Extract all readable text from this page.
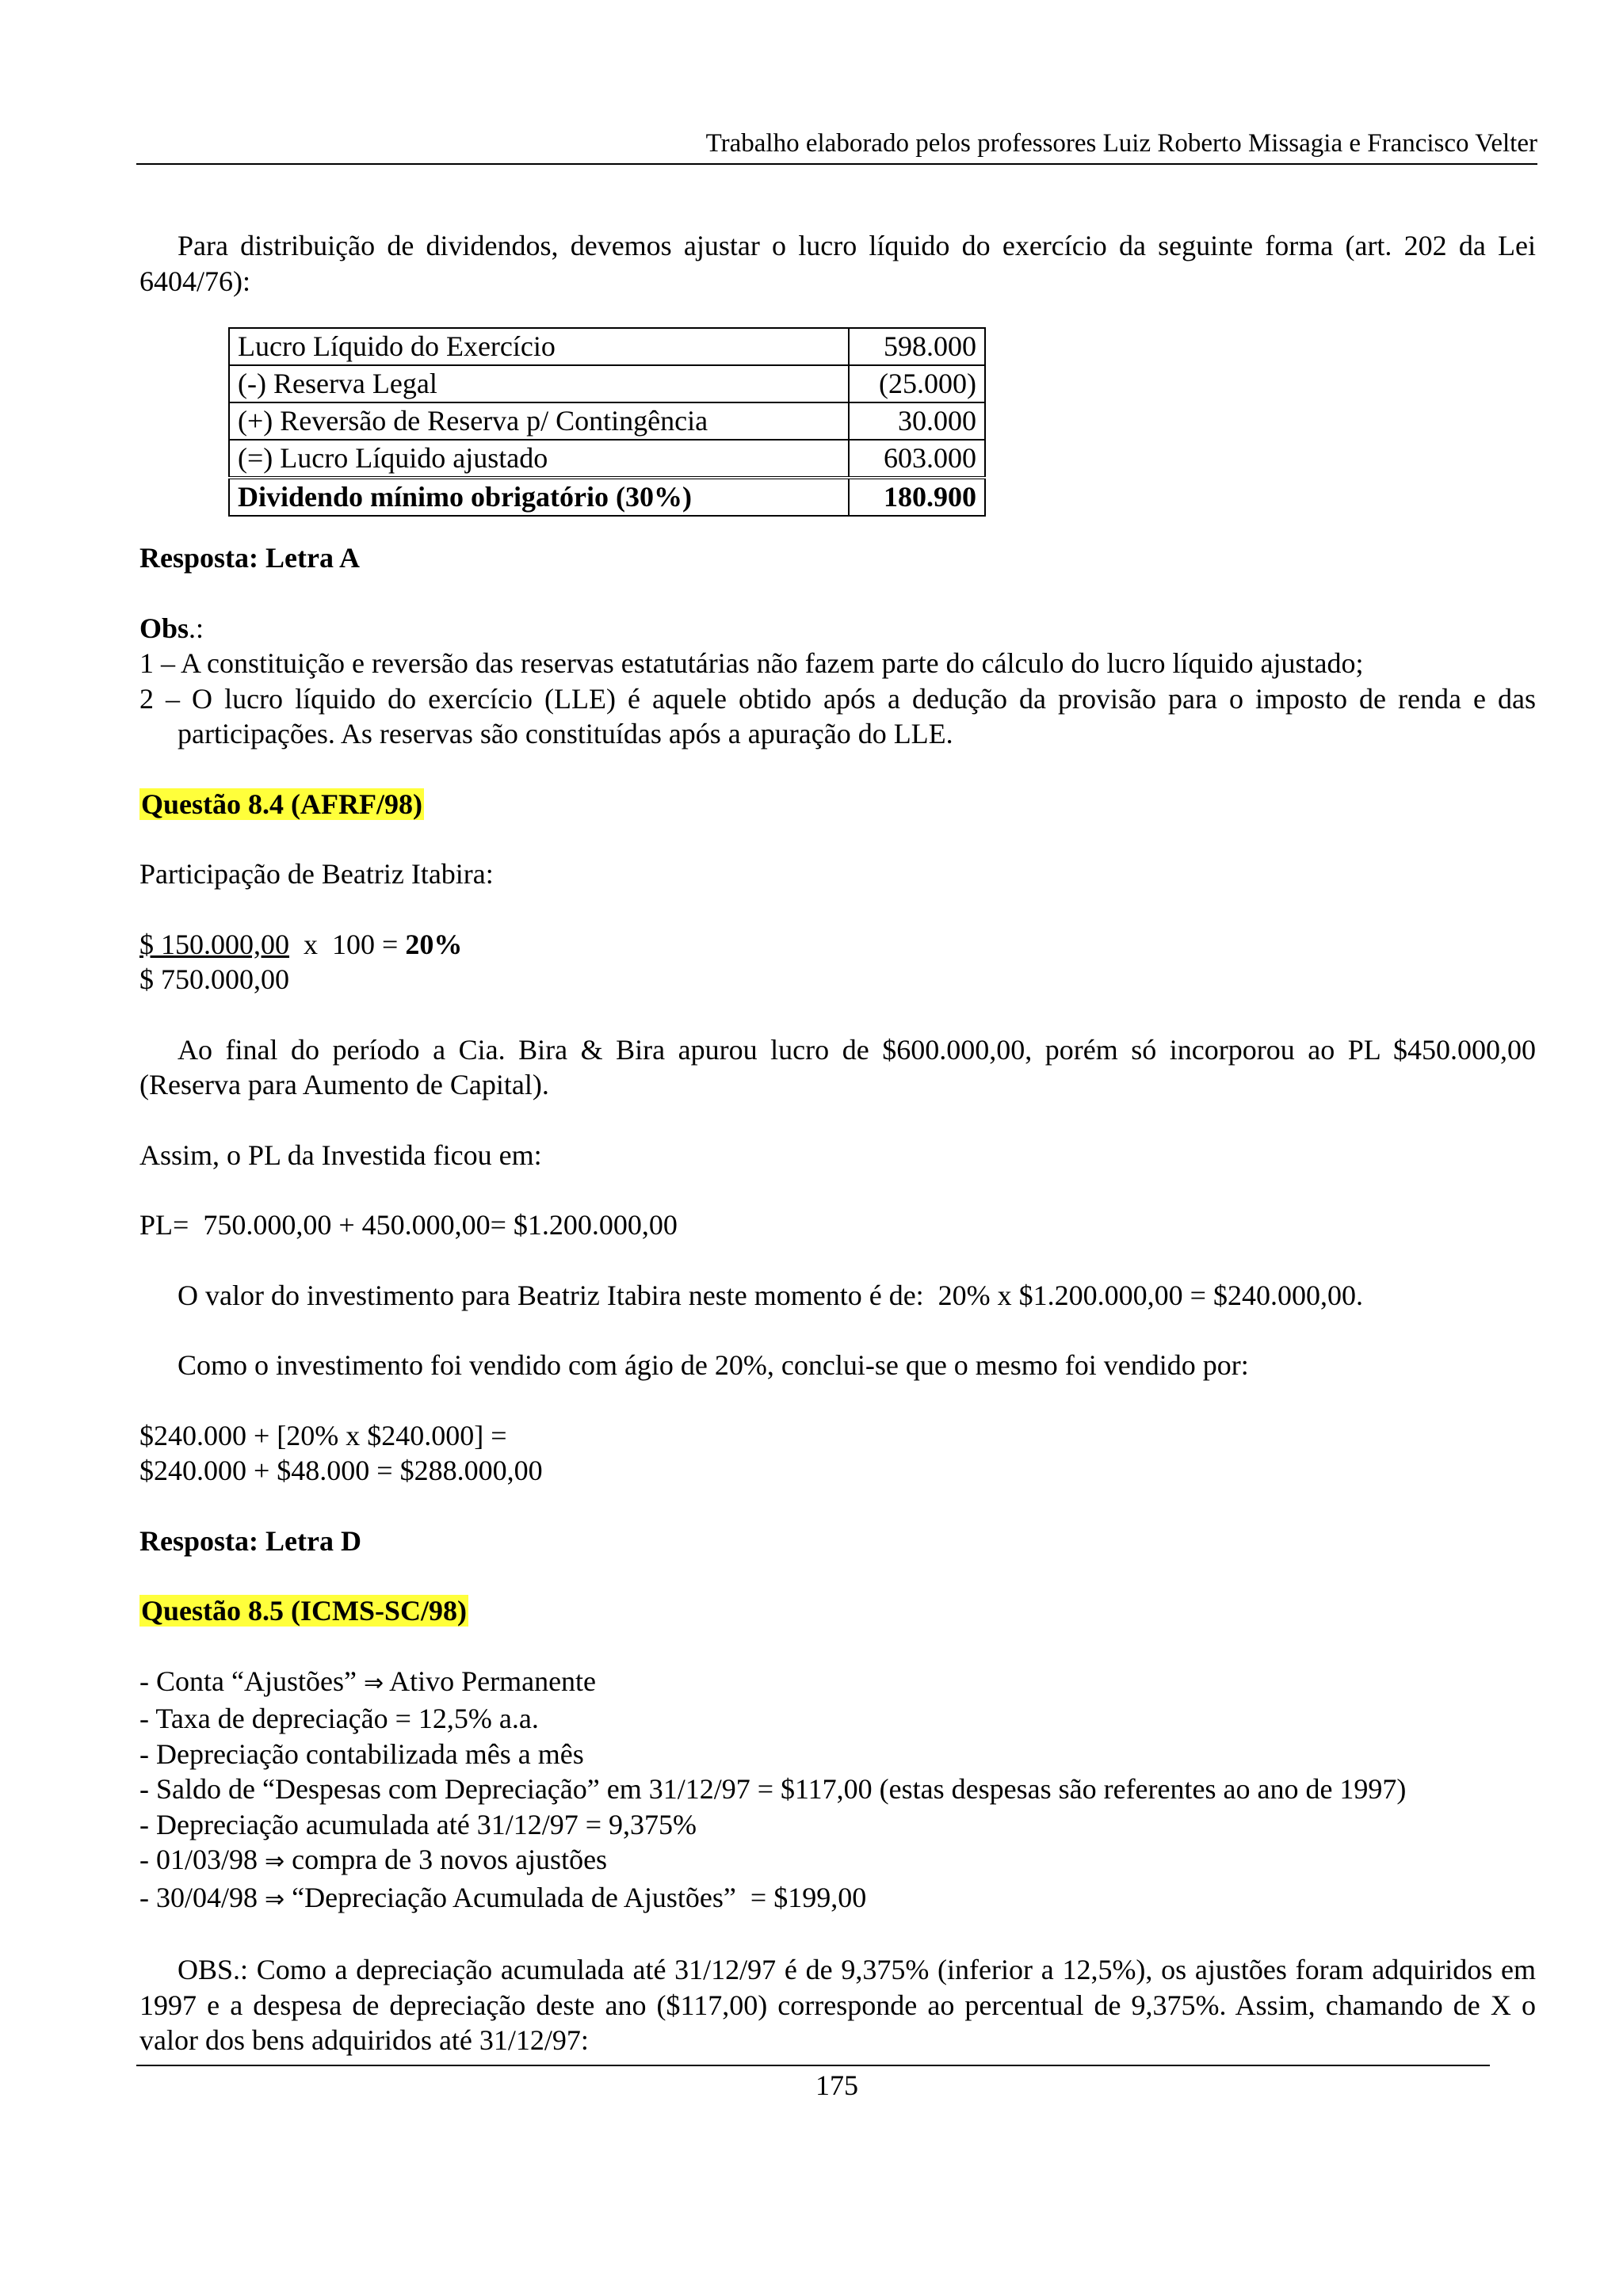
Trabalho elaborado pelos professores Luiz Roberto Missagia e Francisco Velter

Para distribuição de dividendos, devemos ajustar o lucro líquido do exercício da seguinte forma (art. 202 da Lei 6404/76):

Lucro Líquido do Exercício	598.000
(-) Reserva Legal	(25.000)
(+) Reversão de Reserva p/ Contingência	30.000
(=) Lucro Líquido ajustado	603.000
Dividendo mínimo obrigatório (30%)	180.900

Resposta: Letra A

Obs.:

1 – A constituição e reversão das reservas estatutárias não fazem parte do cálculo do lucro líquido ajustado;

2 – O lucro líquido do exercício (LLE) é aquele obtido após a dedução da provisão para o imposto de renda e das participações. As reservas são constituídas após a apuração do LLE.

Questão 8.4 (AFRF/98)

Participação de Beatriz Itabira:

$ 150.000,00  x  100 = 20%

$ 750.000,00

Ao final do período a Cia. Bira & Bira apurou lucro de $600.000,00, porém só incorporou ao PL $450.000,00 (Reserva para Aumento de Capital).

Assim, o PL da Investida ficou em:

PL=  750.000,00 + 450.000,00= $1.200.000,00

O valor do investimento para Beatriz Itabira neste momento é de:  20% x $1.200.000,00 = $240.000,00.

Como o investimento foi vendido com ágio de 20%, conclui-se que o mesmo foi vendido por:

$240.000 + [20% x $240.000] =

$240.000 + $48.000 = $288.000,00

Resposta: Letra D

Questão 8.5 (ICMS-SC/98)

- Conta “Ajustões” ⇒ Ativo Permanente

- Taxa de depreciação = 12,5% a.a.

- Depreciação contabilizada mês a mês

- Saldo de “Despesas com Depreciação” em 31/12/97 = $117,00 (estas despesas são referentes ao ano de 1997)

- Depreciação acumulada até 31/12/97 = 9,375%

- 01/03/98 ⇒ compra de 3 novos ajustões

- 30/04/98 ⇒ “Depreciação Acumulada de Ajustões”  = $199,00

OBS.: Como a depreciação acumulada até 31/12/97 é de 9,375% (inferior a 12,5%), os ajustões foram adquiridos em 1997 e a despesa de depreciação deste ano ($117,00) corresponde ao percentual de 9,375%. Assim, chamando de X o valor dos bens adquiridos até 31/12/97:

175
